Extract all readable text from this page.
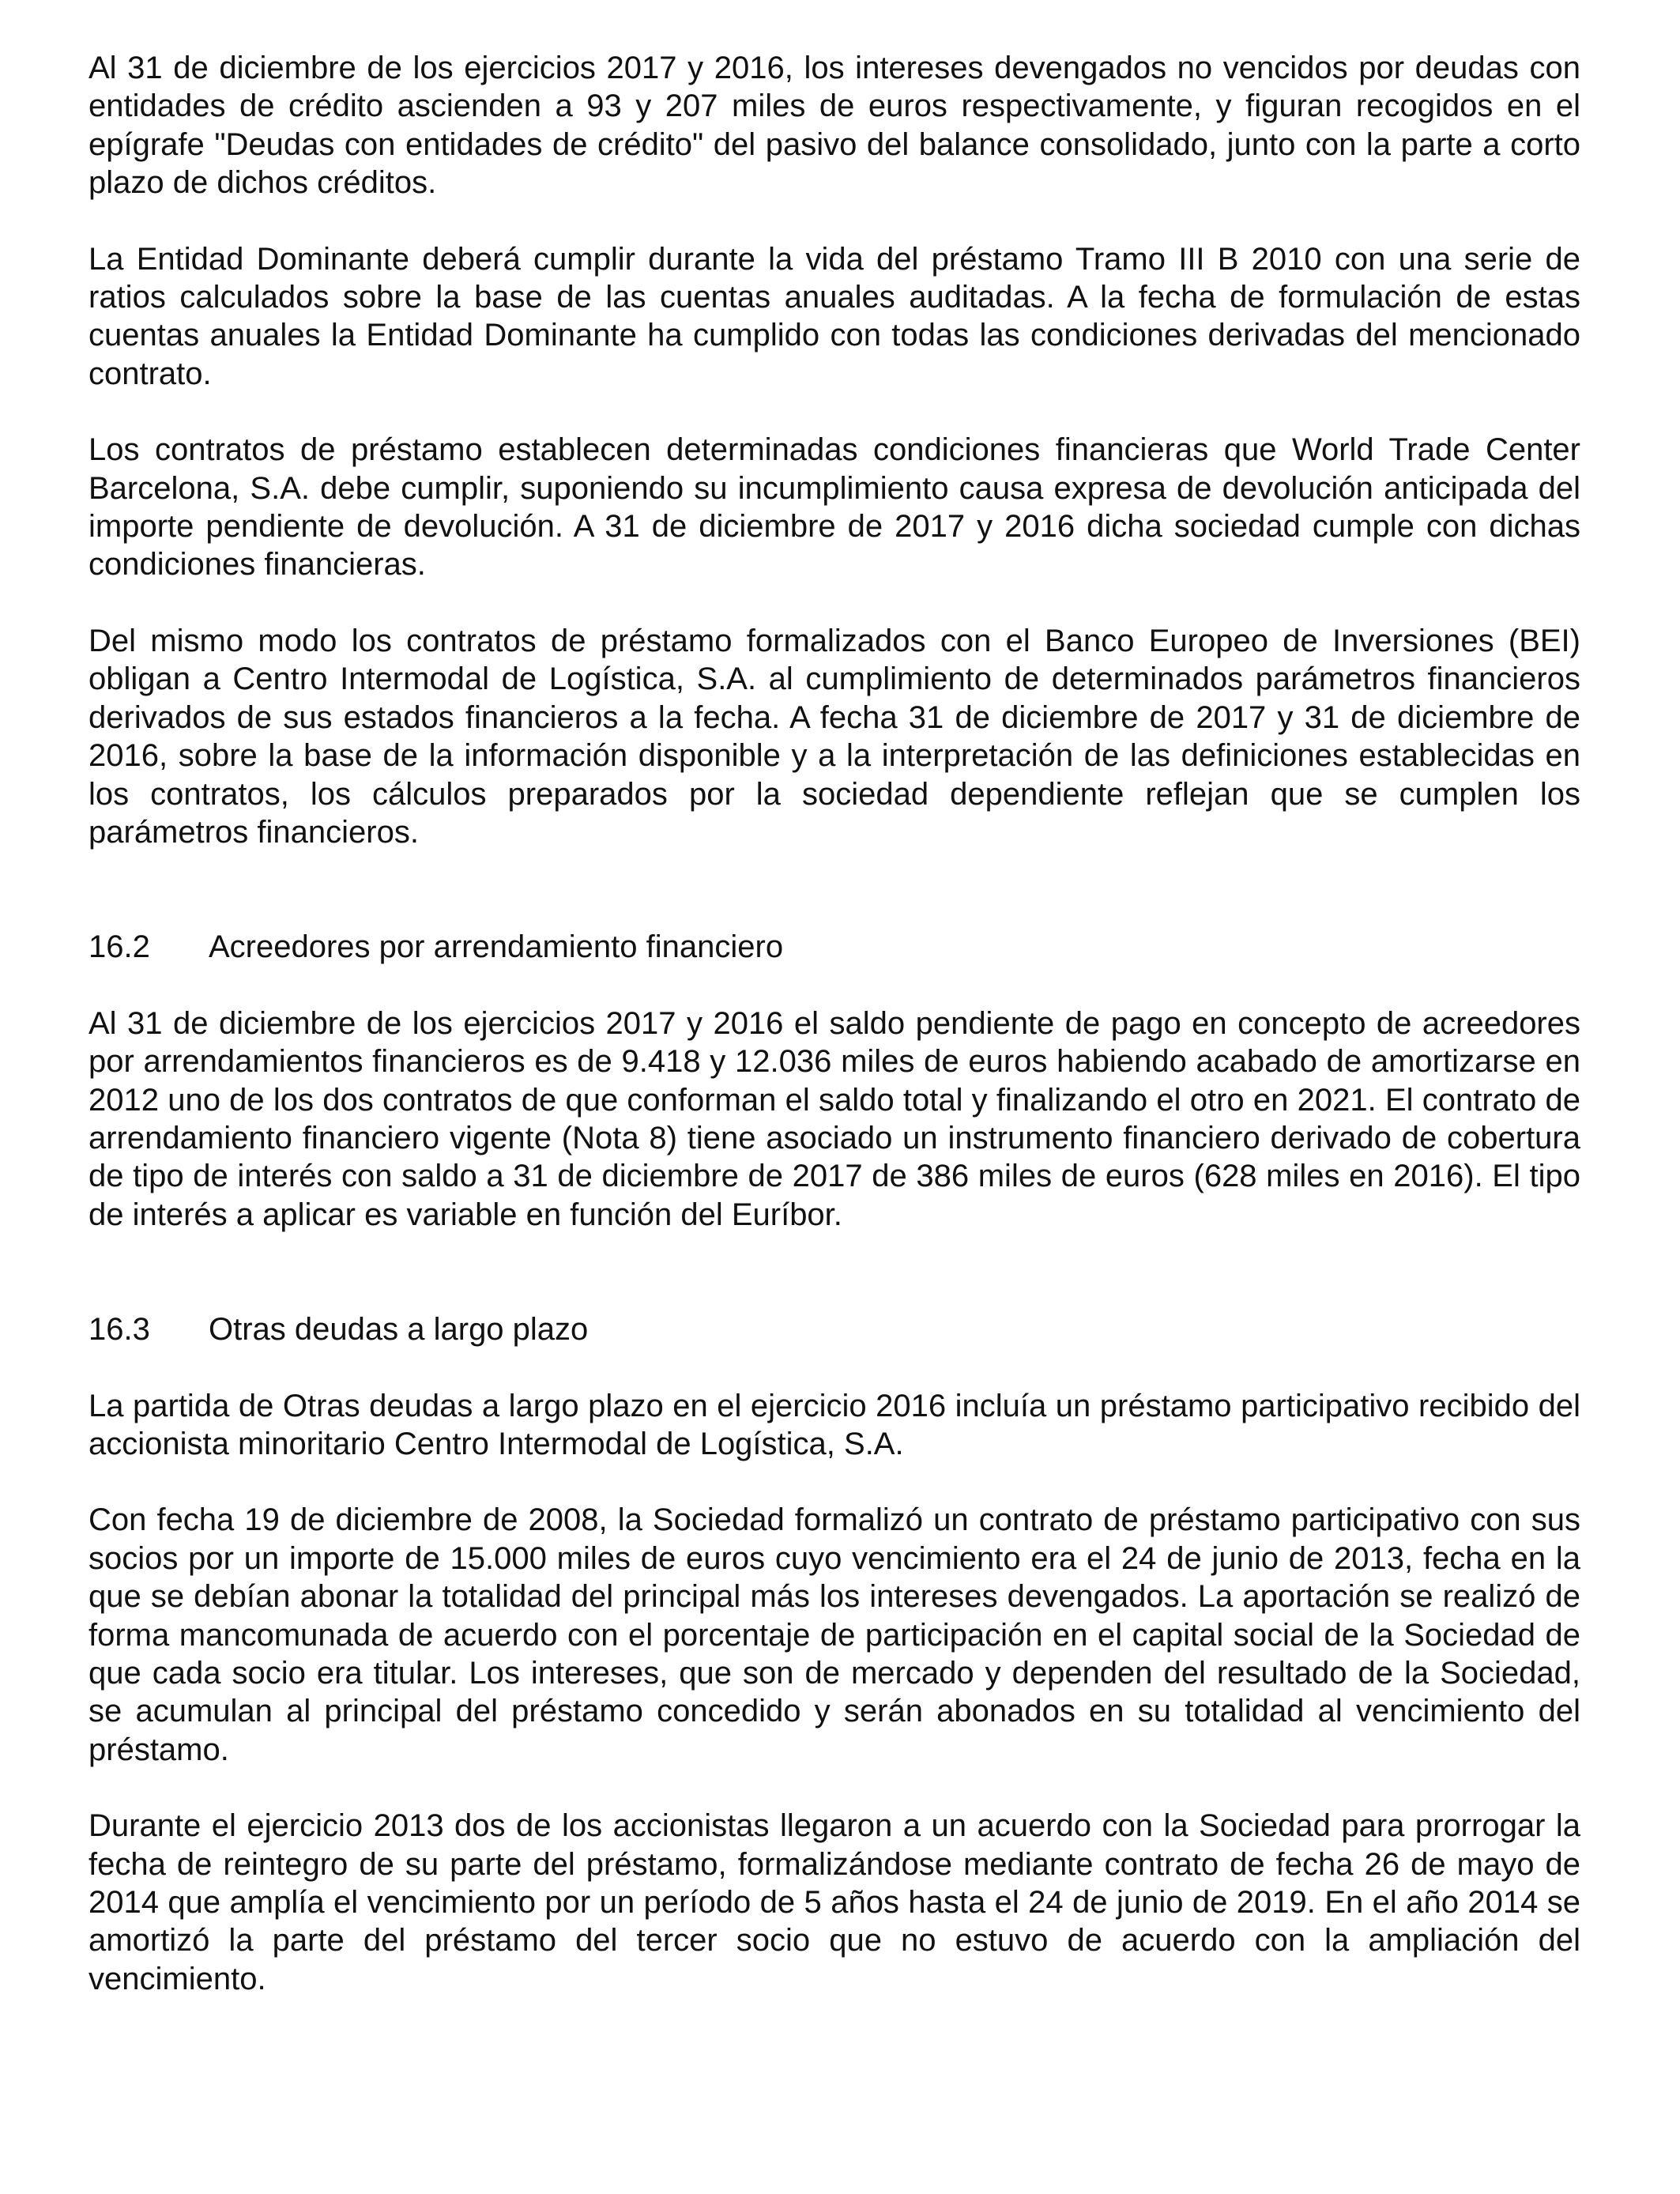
Al 31 de diciembre de los ejercicios 2017 y 2016, los intereses devengados no vencidos por deudas con entidades de crédito ascienden a 93 y 207 miles de euros respectivamente, y figuran recogidos en el epígrafe "Deudas con entidades de crédito" del pasivo del balance consolidado, junto con la parte a corto plazo de dichos créditos.

La Entidad Dominante deberá cumplir durante la vida del préstamo Tramo III B 2010 con una serie de ratios calculados sobre la base de las cuentas anuales auditadas. A la fecha de formulación de estas cuentas anuales la Entidad Dominante ha cumplido con todas las condiciones derivadas del mencionado contrato.

Los contratos de préstamo establecen determinadas condiciones financieras que World Trade Center Barcelona, S.A. debe cumplir, suponiendo su incumplimiento causa expresa de devolución anticipada del importe pendiente de devolución. A 31 de diciembre de 2017 y 2016 dicha sociedad cumple con dichas condiciones financieras.

Del mismo modo los contratos de préstamo formalizados con el Banco Europeo de Inversiones (BEI) obligan a Centro Intermodal de Logística, S.A. al cumplimiento de determinados parámetros financieros derivados de sus estados financieros a la fecha. A fecha 31 de diciembre de 2017 y 31 de diciembre de 2016, sobre la base de la información disponible y a la interpretación de las definiciones establecidas en los contratos, los cálculos preparados por la sociedad dependiente reflejan que se cumplen los parámetros financieros.

16.2	Acreedores por arrendamiento financiero

Al 31 de diciembre de los ejercicios 2017 y 2016 el saldo pendiente de pago en concepto de acreedores por arrendamientos financieros es de 9.418 y 12.036 miles de euros habiendo acabado de amortizarse en 2012 uno de los dos contratos de que conforman el saldo total y finalizando el otro en 2021. El contrato de arrendamiento financiero vigente (Nota 8) tiene asociado un instrumento financiero derivado de cobertura de tipo de interés con saldo a 31 de diciembre de 2017 de 386 miles de euros (628 miles en 2016). El tipo de interés a aplicar es variable en función del Euríbor.

16.3	Otras deudas a largo plazo

La partida de Otras deudas a largo plazo en el ejercicio 2016 incluía un préstamo participativo recibido del accionista minoritario Centro Intermodal de Logística, S.A.

Con fecha 19 de diciembre de 2008, la Sociedad formalizó un contrato de préstamo participativo con sus socios por un importe de 15.000 miles de euros cuyo vencimiento era el 24 de junio de 2013, fecha en la que se debían abonar la totalidad del principal más los intereses devengados. La aportación se realizó de forma mancomunada de acuerdo con el porcentaje de participación en el capital social de la Sociedad de que cada socio era titular. Los intereses, que son de mercado y dependen del resultado de la Sociedad, se acumulan al principal del préstamo concedido y serán abonados en su totalidad al vencimiento del préstamo.

Durante el ejercicio 2013 dos de los accionistas llegaron a un acuerdo con la Sociedad para prorrogar la fecha de reintegro de su parte del préstamo, formalizándose mediante contrato de fecha 26 de mayo de 2014 que amplía el vencimiento por un período de 5 años hasta el 24 de junio de 2019. En el año 2014 se amortizó la parte del préstamo del tercer socio que no estuvo de acuerdo con la ampliación del vencimiento.
